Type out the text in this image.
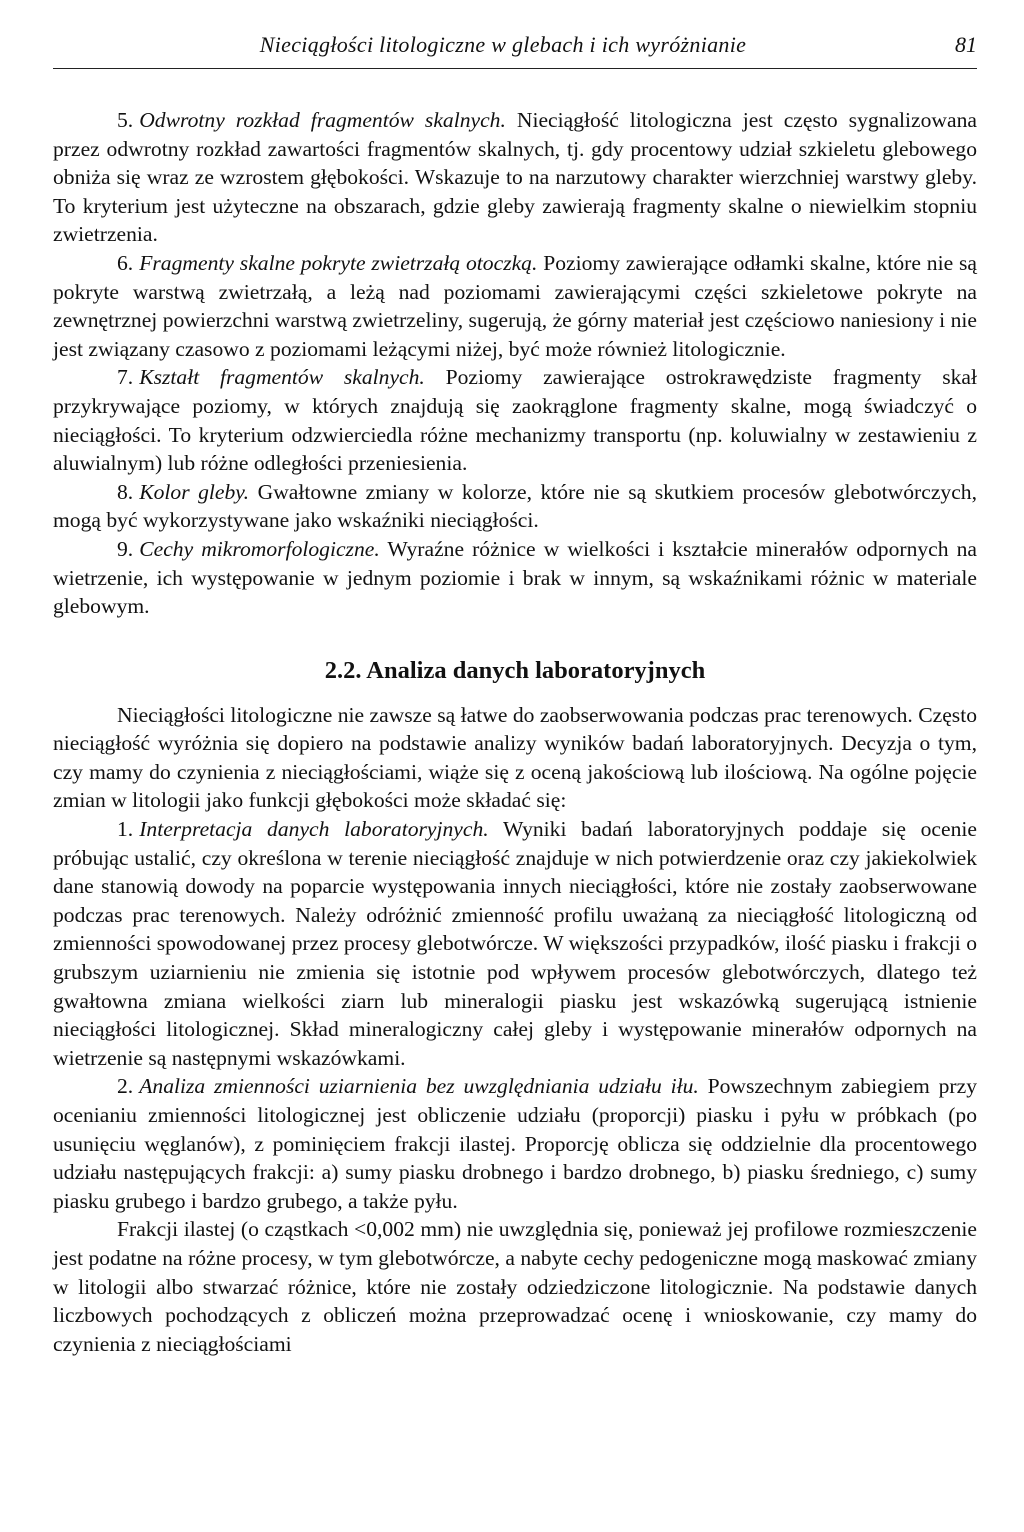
Nieciągłości litologiczne w glebach i ich wyróżnianie	81

5. Odwrotny rozkład fragmentów skalnych. Nieciągłość litologiczna jest często sygnalizowana przez odwrotny rozkład zawartości fragmentów skalnych, tj. gdy procentowy udział szkieletu glebowego obniża się wraz ze wzrostem głębokości. Wskazuje to na narzutowy charakter wierzchniej warstwy gleby. To kryterium jest użyteczne na obszarach, gdzie gleby zawierają fragmenty skalne o niewielkim stopniu zwietrzenia.

6. Fragmenty skalne pokryte zwietrzałą otoczką. Poziomy zawierające odłamki skalne, które nie są pokryte warstwą zwietrzałą, a leżą nad poziomami zawierającymi części szkieletowe pokryte na zewnętrznej powierzchni warstwą zwietrzeliny, sugerują, że górny materiał jest częściowo naniesiony i nie jest związany czasowo z poziomami leżącymi niżej, być może również litologicznie.

7. Kształt fragmentów skalnych. Poziomy zawierające ostrokrawędziste fragmenty skał przykrywające poziomy, w których znajdują się zaokrąglone fragmenty skalne, mogą świadczyć o nieciągłości. To kryterium odzwierciedla różne mechanizmy transportu (np. koluwialny w zestawieniu z aluwialnym) lub różne odległości przeniesienia.

8. Kolor gleby. Gwałtowne zmiany w kolorze, które nie są skutkiem procesów glebotwórczych, mogą być wykorzystywane jako wskaźniki nieciągłości.

9. Cechy mikromorfologiczne. Wyraźne różnice w wielkości i kształcie minerałów odpornych na wietrzenie, ich występowanie w jednym poziomie i brak w innym, są wskaźnikami różnic w materiale glebowym.

2.2. Analiza danych laboratoryjnych

Nieciągłości litologiczne nie zawsze są łatwe do zaobserwowania podczas prac terenowych. Często nieciągłość wyróżnia się dopiero na podstawie analizy wyników badań laboratoryjnych. Decyzja o tym, czy mamy do czynienia z nieciągłościami, wiąże się z oceną jakościową lub ilościową. Na ogólne pojęcie zmian w litologii jako funkcji głębokości może składać się:

1. Interpretacja danych laboratoryjnych. Wyniki badań laboratoryjnych poddaje się ocenie próbując ustalić, czy określona w terenie nieciągłość znajduje w nich potwierdzenie oraz czy jakiekolwiek dane stanowią dowody na poparcie występowania innych nieciągłości, które nie zostały zaobserwowane podczas prac terenowych. Należy odróżnić zmienność profilu uważaną za nieciągłość litologiczną od zmienności spowodowanej przez procesy glebotwórcze. W większości przypadków, ilość piasku i frakcji o grubszym uziarnieniu nie zmienia się istotnie pod wpływem procesów glebotwórczych, dlatego też gwałtowna zmiana wielkości ziarn lub mineralogii piasku jest wskazówką sugerującą istnienie nieciągłości litologicznej. Skład mineralogiczny całej gleby i występowanie minerałów odpornych na wietrzenie są następnymi wskazówkami.

2. Analiza zmienności uziarnienia bez uwzględniania udziału iłu. Powszechnym zabiegiem przy ocenianiu zmienności litologicznej jest obliczenie udziału (proporcji) piasku i pyłu w próbkach (po usunięciu węglanów), z pominięciem frakcji ilastej. Proporcję oblicza się oddzielnie dla procentowego udziału następujących frakcji: a) sumy piasku drobnego i bardzo drobnego, b) piasku średniego, c) sumy piasku grubego i bardzo grubego, a także pyłu.

Frakcji ilastej (o cząstkach <0,002 mm) nie uwzględnia się, ponieważ jej profilowe rozmieszczenie jest podatne na różne procesy, w tym glebotwórcze, a nabyte cechy pedogeniczne mogą maskować zmiany w litologii albo stwarzać różnice, które nie zostały odziedziczone litologicznie. Na podstawie danych liczbowych pochodzących z obliczeń można przeprowadzać ocenę i wnioskowanie, czy mamy do czynienia z nieciągłościami
